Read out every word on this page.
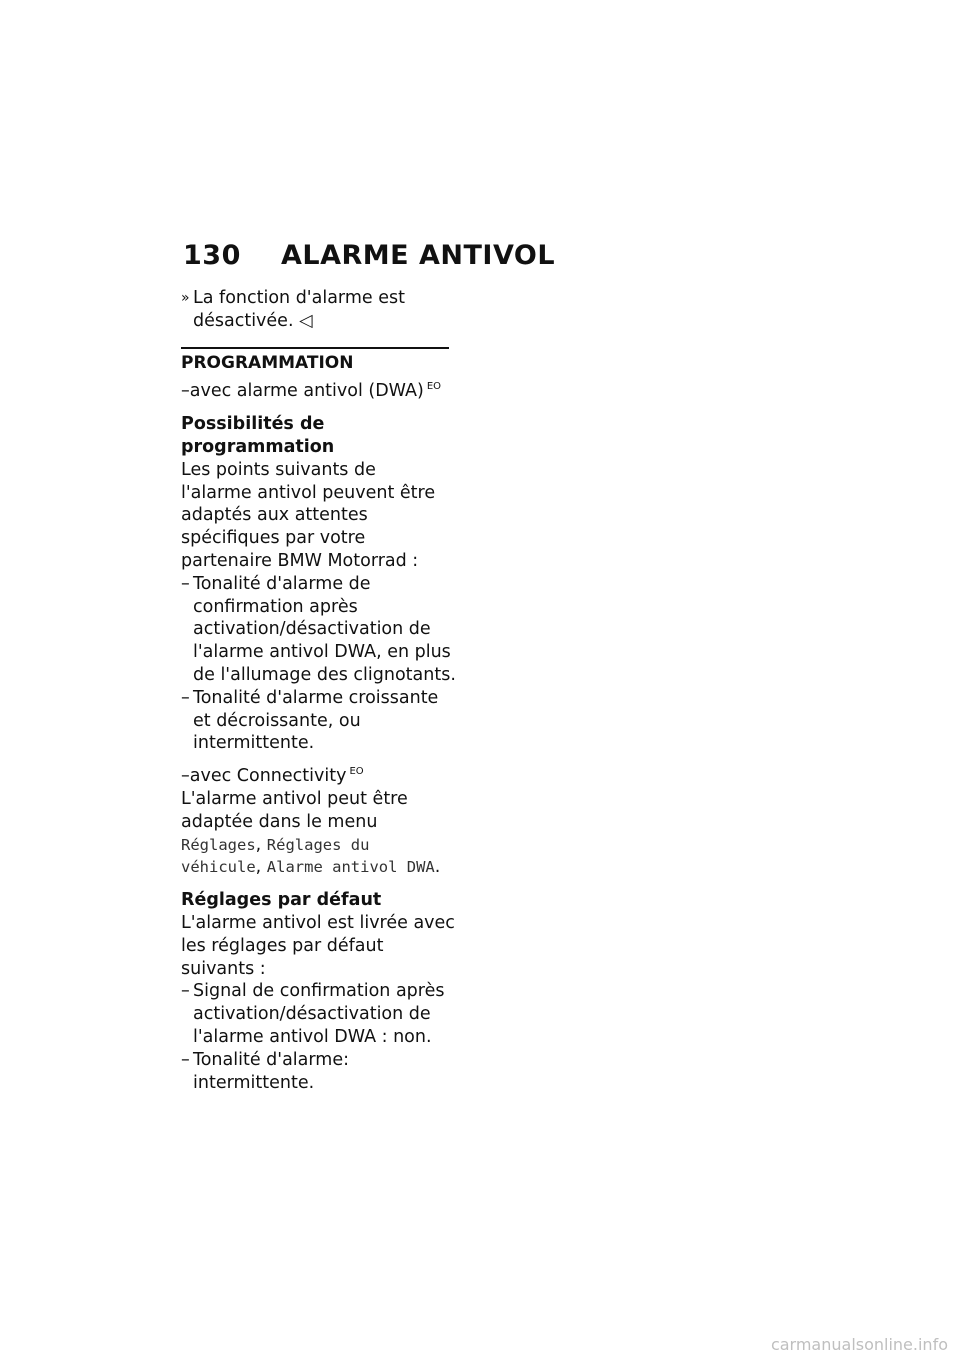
130 ALARME ANTIVOL
» La fonction d'alarme est désactivée. ◁

PROGRAMMATION

–avec alarme antivol (DWA) $^{EO}$

Possibilités de
programmation

Les points suivants de l'alarme antivol peuvent être adaptés aux attentes spécifiques par votre partenaire BMW Motorrad :

– Tonalité d'alarme de confirmation après activation/désactivation de l'alarme antivol DWA, en plus de l'allumage des clignotants.
– Tonalité d'alarme croissante et décroissante, ou intermittente.

–avec Connectivity $^{EO}$

L'alarme antivol peut être adaptée dans le menu Réglages, Réglages du véhicule, Alarme antivol DWA.

Réglages par défaut

L'alarme antivol est livrée avec les réglages par défaut suivants :

– Signal de confirmation après activation/désactivation de l'alarme antivol DWA : non.
– Tonalité d'alarme: intermittente.
carmanualsonline.info
